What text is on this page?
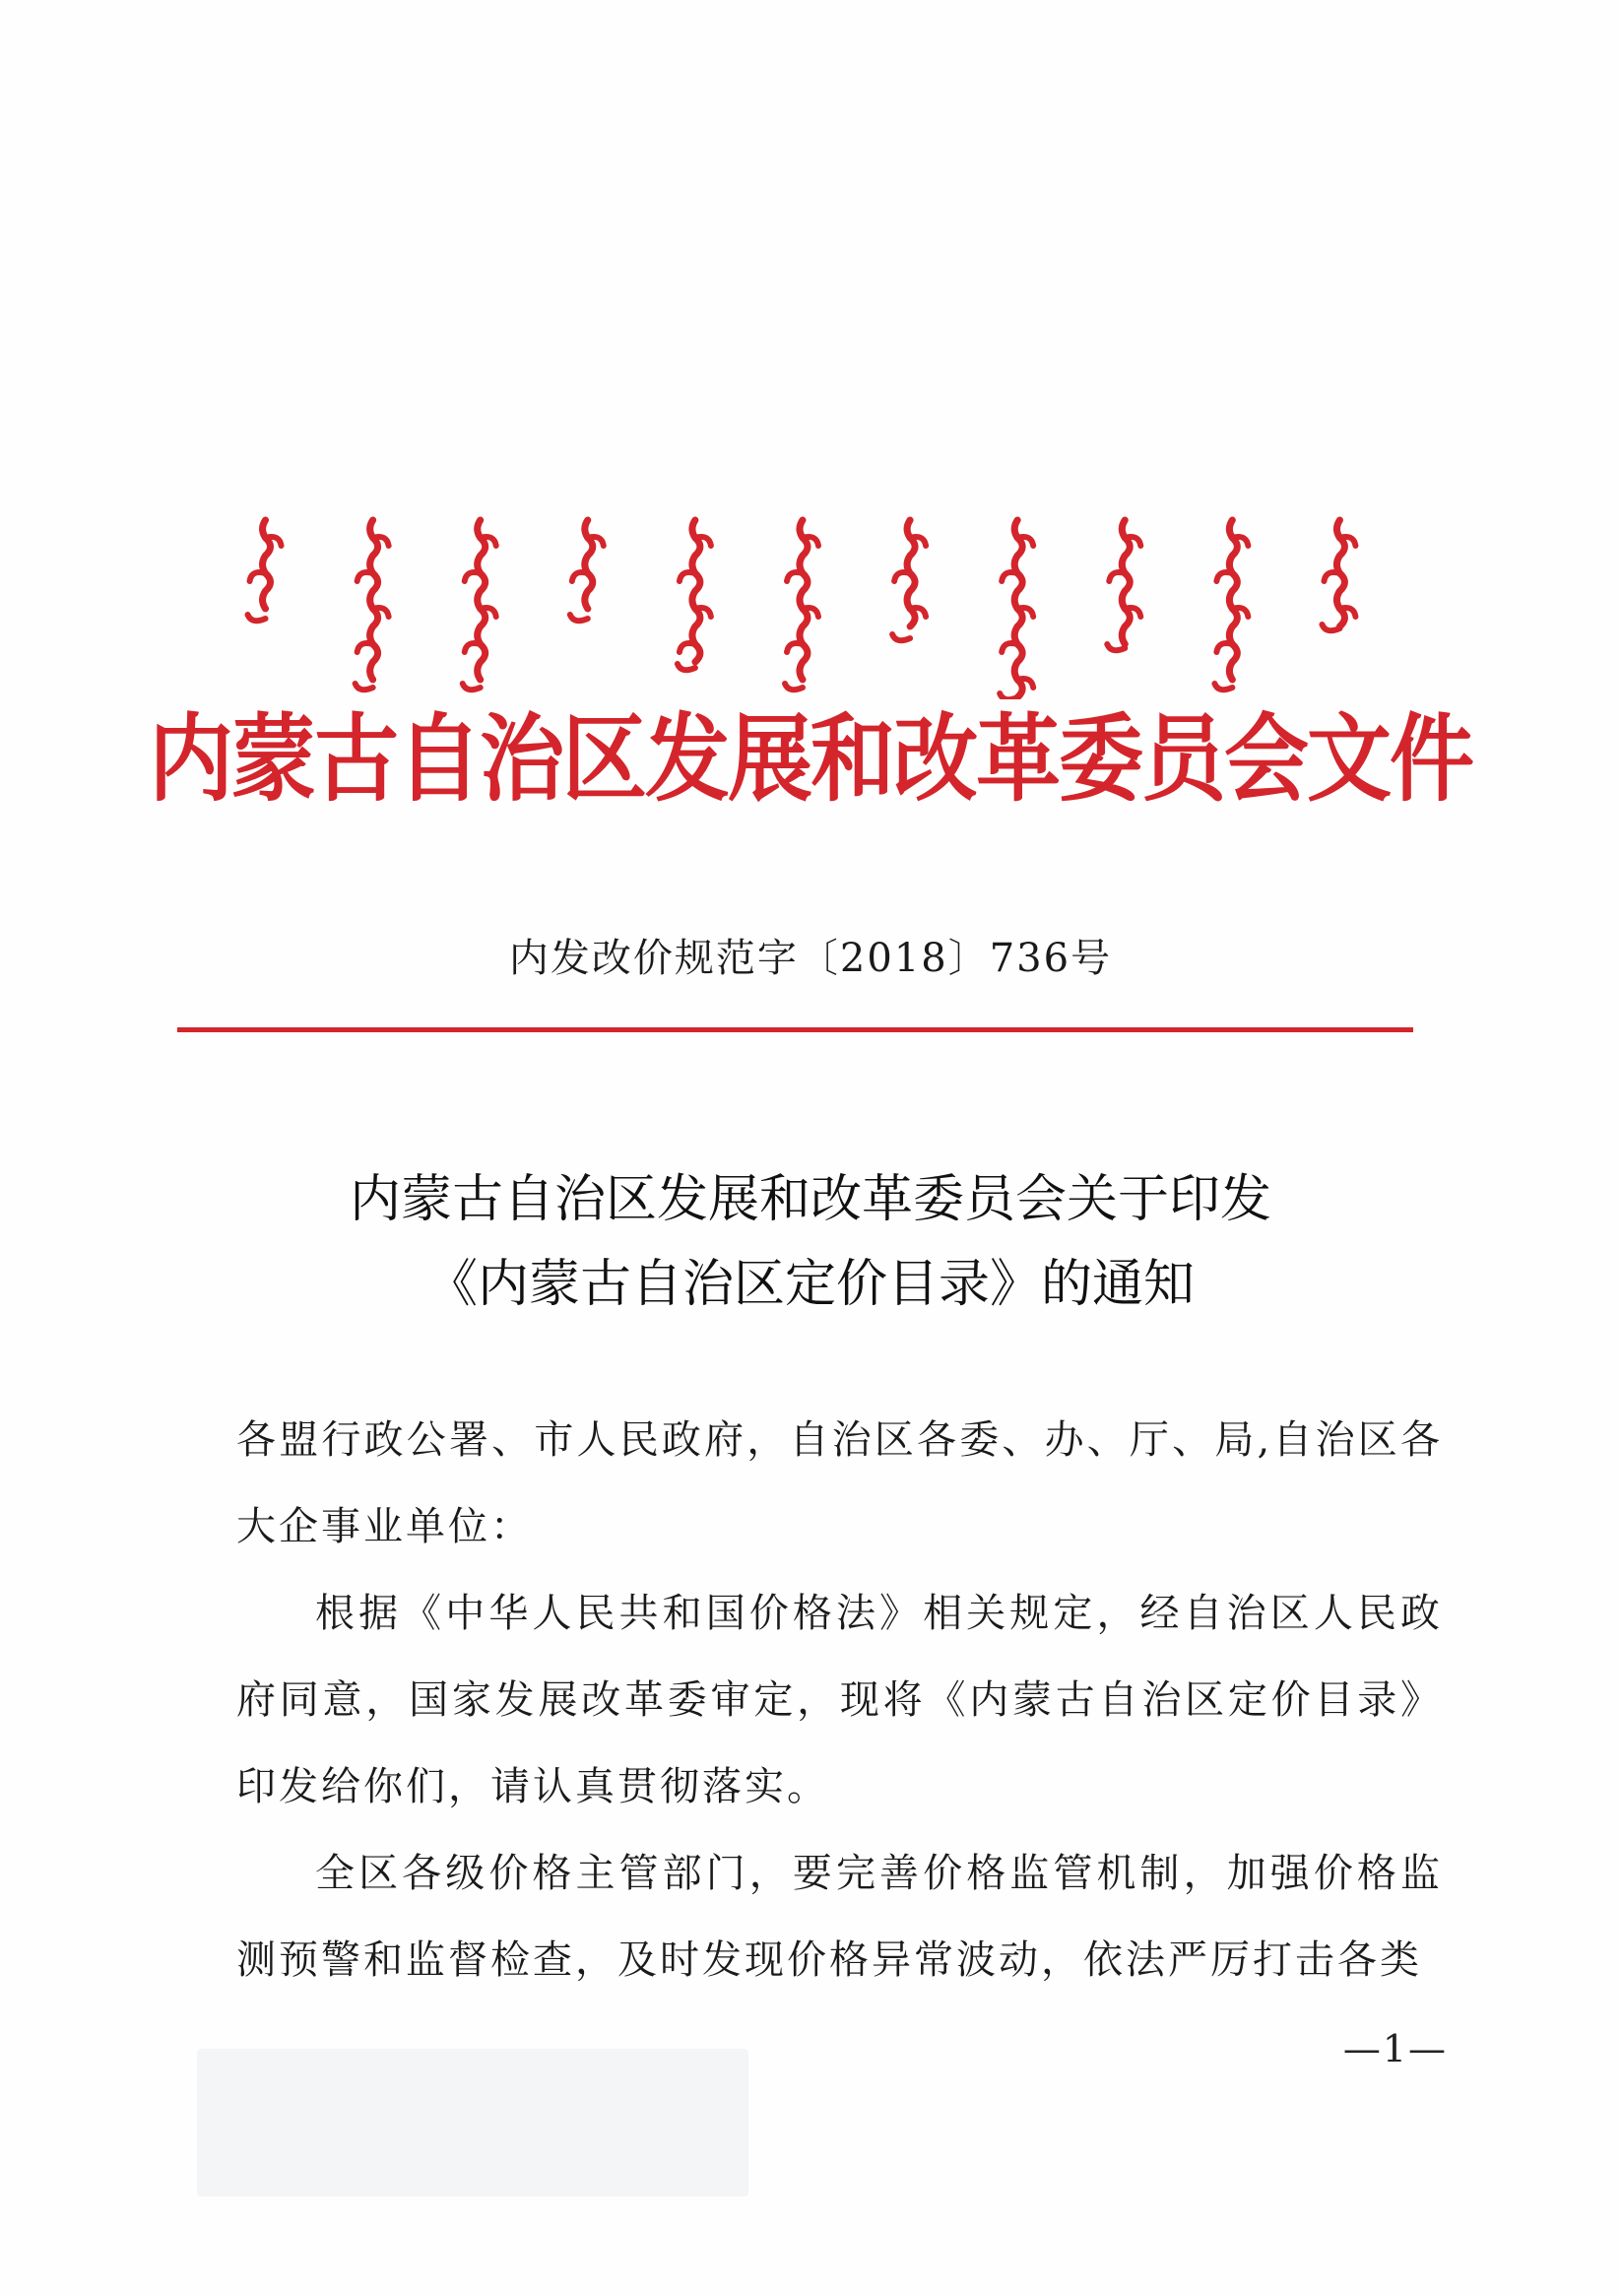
内蒙古自治区发展和改革委员会文件
内发改价规范字〔2018〕736号
内蒙古自治区发展和改革委员会关于印发
《内蒙古自治区定价目录》的通知

各盟行政公署、市人民政府，自治区各委、办、厅、局,自治区各大企事业单位：

根据《中华人民共和国价格法》相关规定，经自治区人民政府同意，国家发展改革委审定，现将《内蒙古自治区定价目录》印发给你们，请认真贯彻落实。

全区各级价格主管部门，要完善价格监管机制，加强价格监测预警和监督检查，及时发现价格异常波动，依法严厉打击各类

—1—
